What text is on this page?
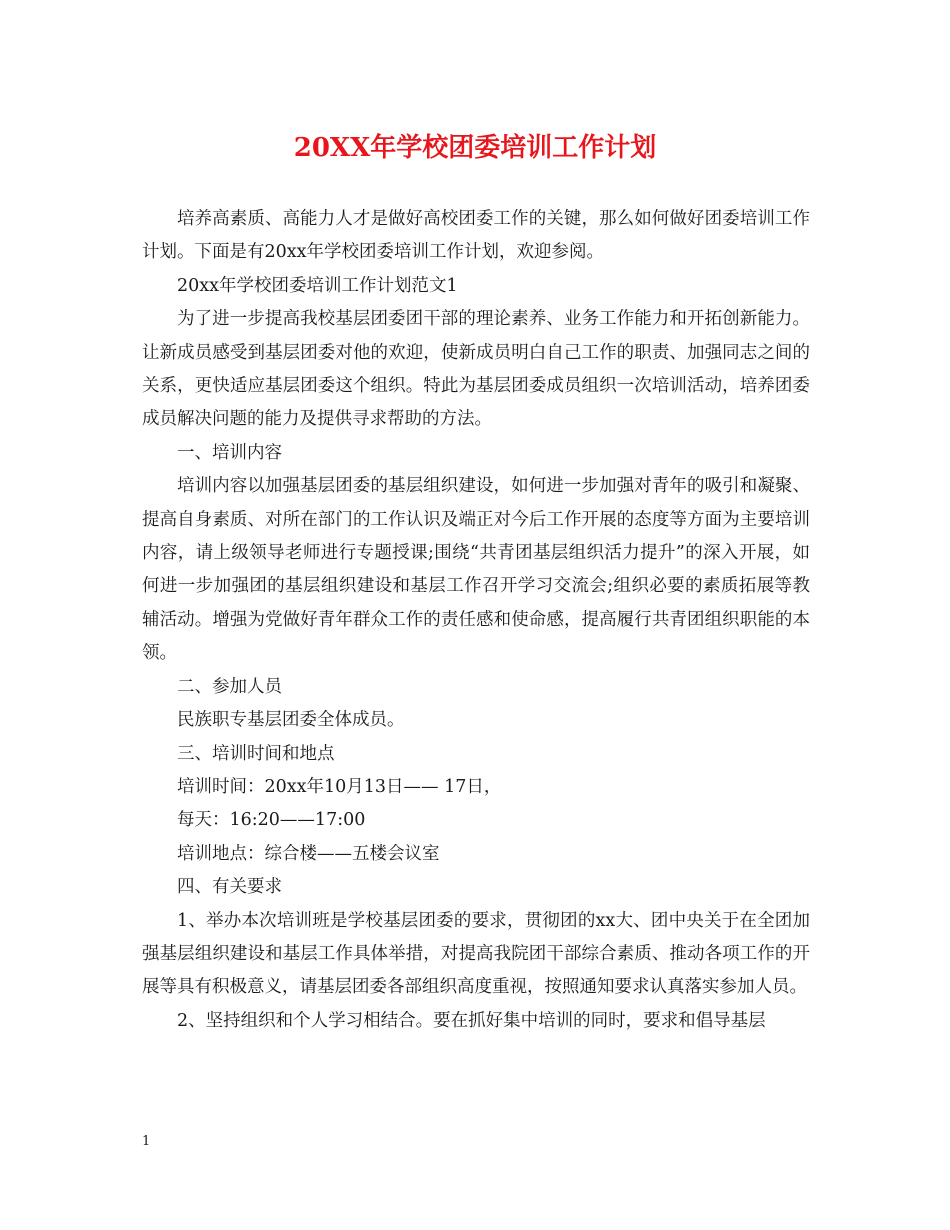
20XX年学校团委培训工作计划

培养高素质、高能力人才是做好高校团委工作的关键，那么如何做好团委培训工作计划。下面是有20xx年学校团委培训工作计划，欢迎参阅。

20xx年学校团委培训工作计划范文1

为了进一步提高我校基层团委团干部的理论素养、业务工作能力和开拓创新能力。让新成员感受到基层团委对他的欢迎，使新成员明白自己工作的职责、加强同志之间的关系，更快适应基层团委这个组织。特此为基层团委成员组织一次培训活动，培养团委成员解决问题的能力及提供寻求帮助的方法。

一、培训内容

培训内容以加强基层团委的基层组织建设，如何进一步加强对青年的吸引和凝聚、提高自身素质、对所在部门的工作认识及端正对今后工作开展的态度等方面为主要培训内容，请上级领导老师进行专题授课;围绕“共青团基层组织活力提升”的深入开展，如何进一步加强团的基层组织建设和基层工作召开学习交流会;组织必要的素质拓展等教辅活动。增强为党做好青年群众工作的责任感和使命感，提高履行共青团组织职能的本领。

二、参加人员

民族职专基层团委全体成员。

三、培训时间和地点

培训时间：20xx年10月13日—— 17日，

每天：16:20——17:00

培训地点：综合楼——五楼会议室

四、有关要求

1、举办本次培训班是学校基层团委的要求，贯彻团的xx大、团中央关于在全团加强基层组织建设和基层工作具体举措，对提高我院团干部综合素质、推动各项工作的开展等具有积极意义，请基层团委各部组织高度重视，按照通知要求认真落实参加人员。

2、坚持组织和个人学习相结合。要在抓好集中培训的同时，要求和倡导基层

1
